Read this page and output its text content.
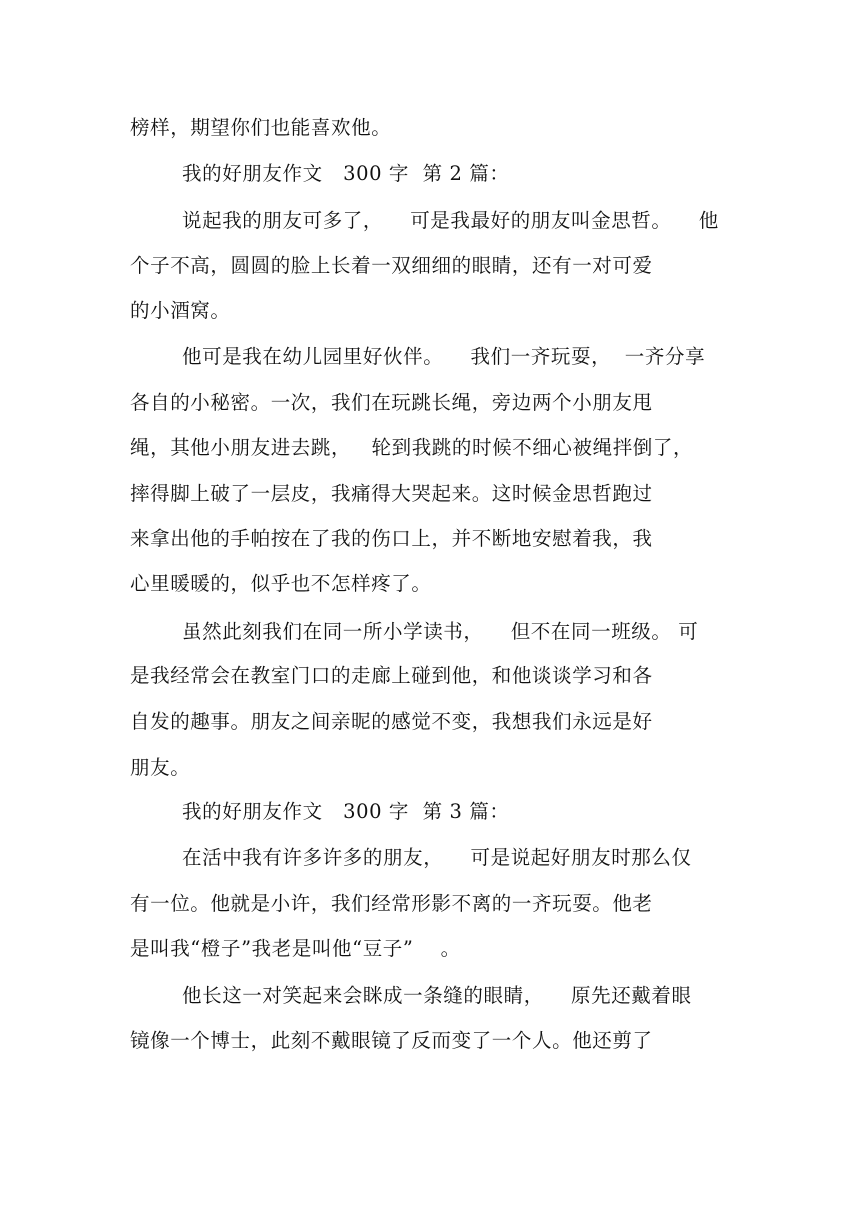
榜样，期望你们也能喜欢他。
我的好朋友作文   300 字  第 2 篇：
说起我的朋友可多了，    可是我最好的朋友叫金思哲。    他
个子不高，圆圆的脸上长着一双细细的眼睛，还有一对可爱
的小酒窝。
他可是我在幼儿园里好伙伴。    我们一齐玩耍，  一齐分享
各自的小秘密。一次，我们在玩跳长绳，旁边两个小朋友甩
绳，其他小朋友进去跳，   轮到我跳的时候不细心被绳拌倒了，
摔得脚上破了一层皮，我痛得大哭起来。这时候金思哲跑过
来拿出他的手帕按在了我的伤口上，并不断地安慰着我，我
心里暖暖的，似乎也不怎样疼了。
虽然此刻我们在同一所小学读书，    但不在同一班级。 可
是我经常会在教室门口的走廊上碰到他，和他谈谈学习和各
自发的趣事。朋友之间亲昵的感觉不变，我想我们永远是好
朋友。
我的好朋友作文   300 字  第 3 篇：
在活中我有许多许多的朋友，    可是说起好朋友时那么仅
有一位。他就是小许，我们经常形影不离的一齐玩耍。他老
是叫我“橙子”我老是叫他“豆子”    。
他长这一对笑起来会眯成一条缝的眼睛，    原先还戴着眼
镜像一个博士，此刻不戴眼镜了反而变了一个人。他还剪了
